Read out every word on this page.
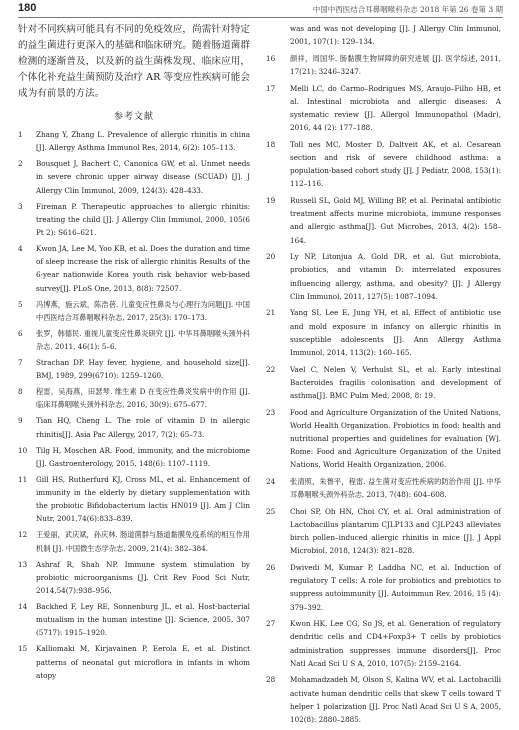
180	中国中西医结合耳鼻咽喉科杂志 2018 年第 26 卷第 3 期

针对不同疾病可能具有不同的免疫效应，尚需针对特定的益生菌进行更深入的基础和临床研究。随着肠道菌群检测的逐渐普及，以及新的益生菌株发现、临床应用，个体化补充益生菌预防及治疗 AR 等变应性疾病可能会成为有前景的方法。

参考文献
1	Zhang Y, Zhang L. Prevalence of allergic rhinitis in china [J]. Allergy Asthma Immunol Res, 2014, 6(2): 105–113.
2	Bousquet J, Bachert C, Canonica GW, et al. Unmet needs in severe chronic upper airway disease (SCUAD) [J]. J Allergy Clin Immunol, 2009, 124(3): 428–433.
3	Fireman P. Therapeutic approaches to allergic rhinitis: treating the child [J]. J Allergy Clin Immunol, 2000, 105(6 Pt 2): S616–621.
4	Kwon JA, Lee M, Yoo KB, et al. Does the duration and time of sleep increase the risk of allergic rhinitis Results of the 6-year nationwide Korea youth risk behavior web-based survey[J]. PLoS One, 2013, 8(8): 72507.
5	冯博燕，施云斌，陈浩蓓. 儿童变应性鼻炎与心理行为问题[J]. 中国中西医结合耳鼻咽喉科杂志, 2017, 25(3): 170–173.
6	张罗，韩德民. 重视儿童变应性鼻炎研究 [J]. 中华耳鼻咽喉头颈外科杂志, 2011, 46(1): 5–6.
7	Strachan DP. Hay fever, hygiene, and household size[J]. BMJ, 1989, 299(6710): 1259–1260.
8	程雷，吴海燕，田瑟琴. 维生素 D 在变应性鼻炎发病中的作用 [J]. 临床耳鼻咽喉头颈外科杂志, 2016, 30(9): 675–677.
9	Tian HQ, Cheng L. The role of vitamin D in allergic rhinitis[J]. Asia Pac Allergy, 2017, 7(2): 65–73.
10	Tilg H, Moschen AR. Food, immunity, and the microbiome [J]. Gastroenterology, 2015, 148(6): 1107–1119.
11	Gill HS, Rutherfurd KJ, Cross ML, et al. Enhancement of immunity in the elderly by dietary supplementation with the probiotic Bifidobacterium lactis HN019 [J]. Am J Clin Nutr, 2001,74(6):833–839.
12	王爱丽，武庆斌，孙庆林. 肠道菌群与肠道黏膜免疫系统的相互作用机制 [J]. 中国微生态学杂志, 2009, 21(4): 382–384.
13	Ashraf R, Shah NP. Immune system stimulation by probiotic microorganisms [J]. Crit Rev Food Sci Nutr, 2014,54(7):938–956.
14	Backhed F, Ley RE, Sonnenburg JL, et al. Host-bacterial mutualism in the human intestine [J]. Science, 2005, 307 (5717): 1915–1920.
15	Kalliomaki M, Kirjavainen P, Eerola E, et al. Distinct patterns of neonatal gut microflora in infants in whom atopy
was and was not developing [J]. J Allergy Clin Immunol, 2001, 107(1): 129–134.
16	颜祥，周国华. 肠黏膜生物屏障的研究进展 [J]. 医学综述, 2011, 17(21): 3246–3247.
17	Melli LC, do Carmo–Rodrigues MS, Araujo–Filho HB, et al. Intestinal microbiota and allergic diseases: A systematic review [J]. Allergol Immunopathol (Madr), 2016, 44 (2): 177–188.
18	Toll nes MC, Moster D, Daltveit AK, et al. Cesarean section and risk of severe childhood asthma: a population-based cohort study [J]. J Pediatr, 2008, 153(1): 112–116.
19	Russell SL, Gold MJ, Willing BP, et al. Perinatal antibiotic treatment affects murine microbiota, immune responses and allergic asthma[J]. Gut Microbes, 2013, 4(2): 158–164.
20	Ly NP, Litonjua A, Gold DR, et al. Gut microbiota, probiotics, and vitamin D: interrelated exposures influencing allergy, asthma, and obesity? [J]. J Allergy Clin Immunol, 2011, 127(5): 1087–1094.
21	Yang SI, Lee E, Jung YH, et al. Effect of antibiotic use and mold exposure in infancy on allergic rhinitis in susceptible adolescents [J]. Ann Allergy Asthma Immunol, 2014, 113(2): 160–165.
22	Vael C, Nelen V, Verhulst SL, et al. Early intestinal Bacteroides fragilis colonisation and development of asthma[J]. BMC Pulm Med, 2008, 8: 19.
23	Food and Agriculture Organization of the United Nations, World Health Organization. Probiotics in food: health and nutritional properties and guidelines for evaluation [W]. Rome: Food and Agriculture Organization of the United Nations, World Health Organization, 2006.
24	张清照，朱鲁平，程雷. 益生菌对变应性疾病的防治作用 [J]. 中华耳鼻咽喉头颈外科杂志, 2013, 7(48): 604–608.
25	Choi SP, Oh HN, Choi CY, et al. Oral administration of Lactobacillus plantarum CJLP133 and CJLP243 alleviates birch pollen–induced allergic rhinitis in mice [J]. J Appl Microbiol, 2018, 124(3): 821–828.
26	Dwivedi M, Kumar P, Laddha NC, et al. Induction of regulatory T cells: A role for probiotics and prebiotics to suppress autoimmunity [J]. Autoimmun Rev, 2016, 15 (4): 379–392.
27	Kwon HK, Lee CG, So JS, et al. Generation of regulatory dendritic cells and CD4+Foxp3+ T cells by probiotics administration suppresses immune disorders[J]. Proc Natl Acad Sci U S A, 2010, 107(5): 2159–2164.
28	Mohamadzadeh M, Olson S, Kalina WV, et al. Lactobacilli activate human dendritic cells that skew T cells toward T helper 1 polarization [J]. Proc Natl Acad Sci U S A, 2005, 102(8): 2880–2885.
